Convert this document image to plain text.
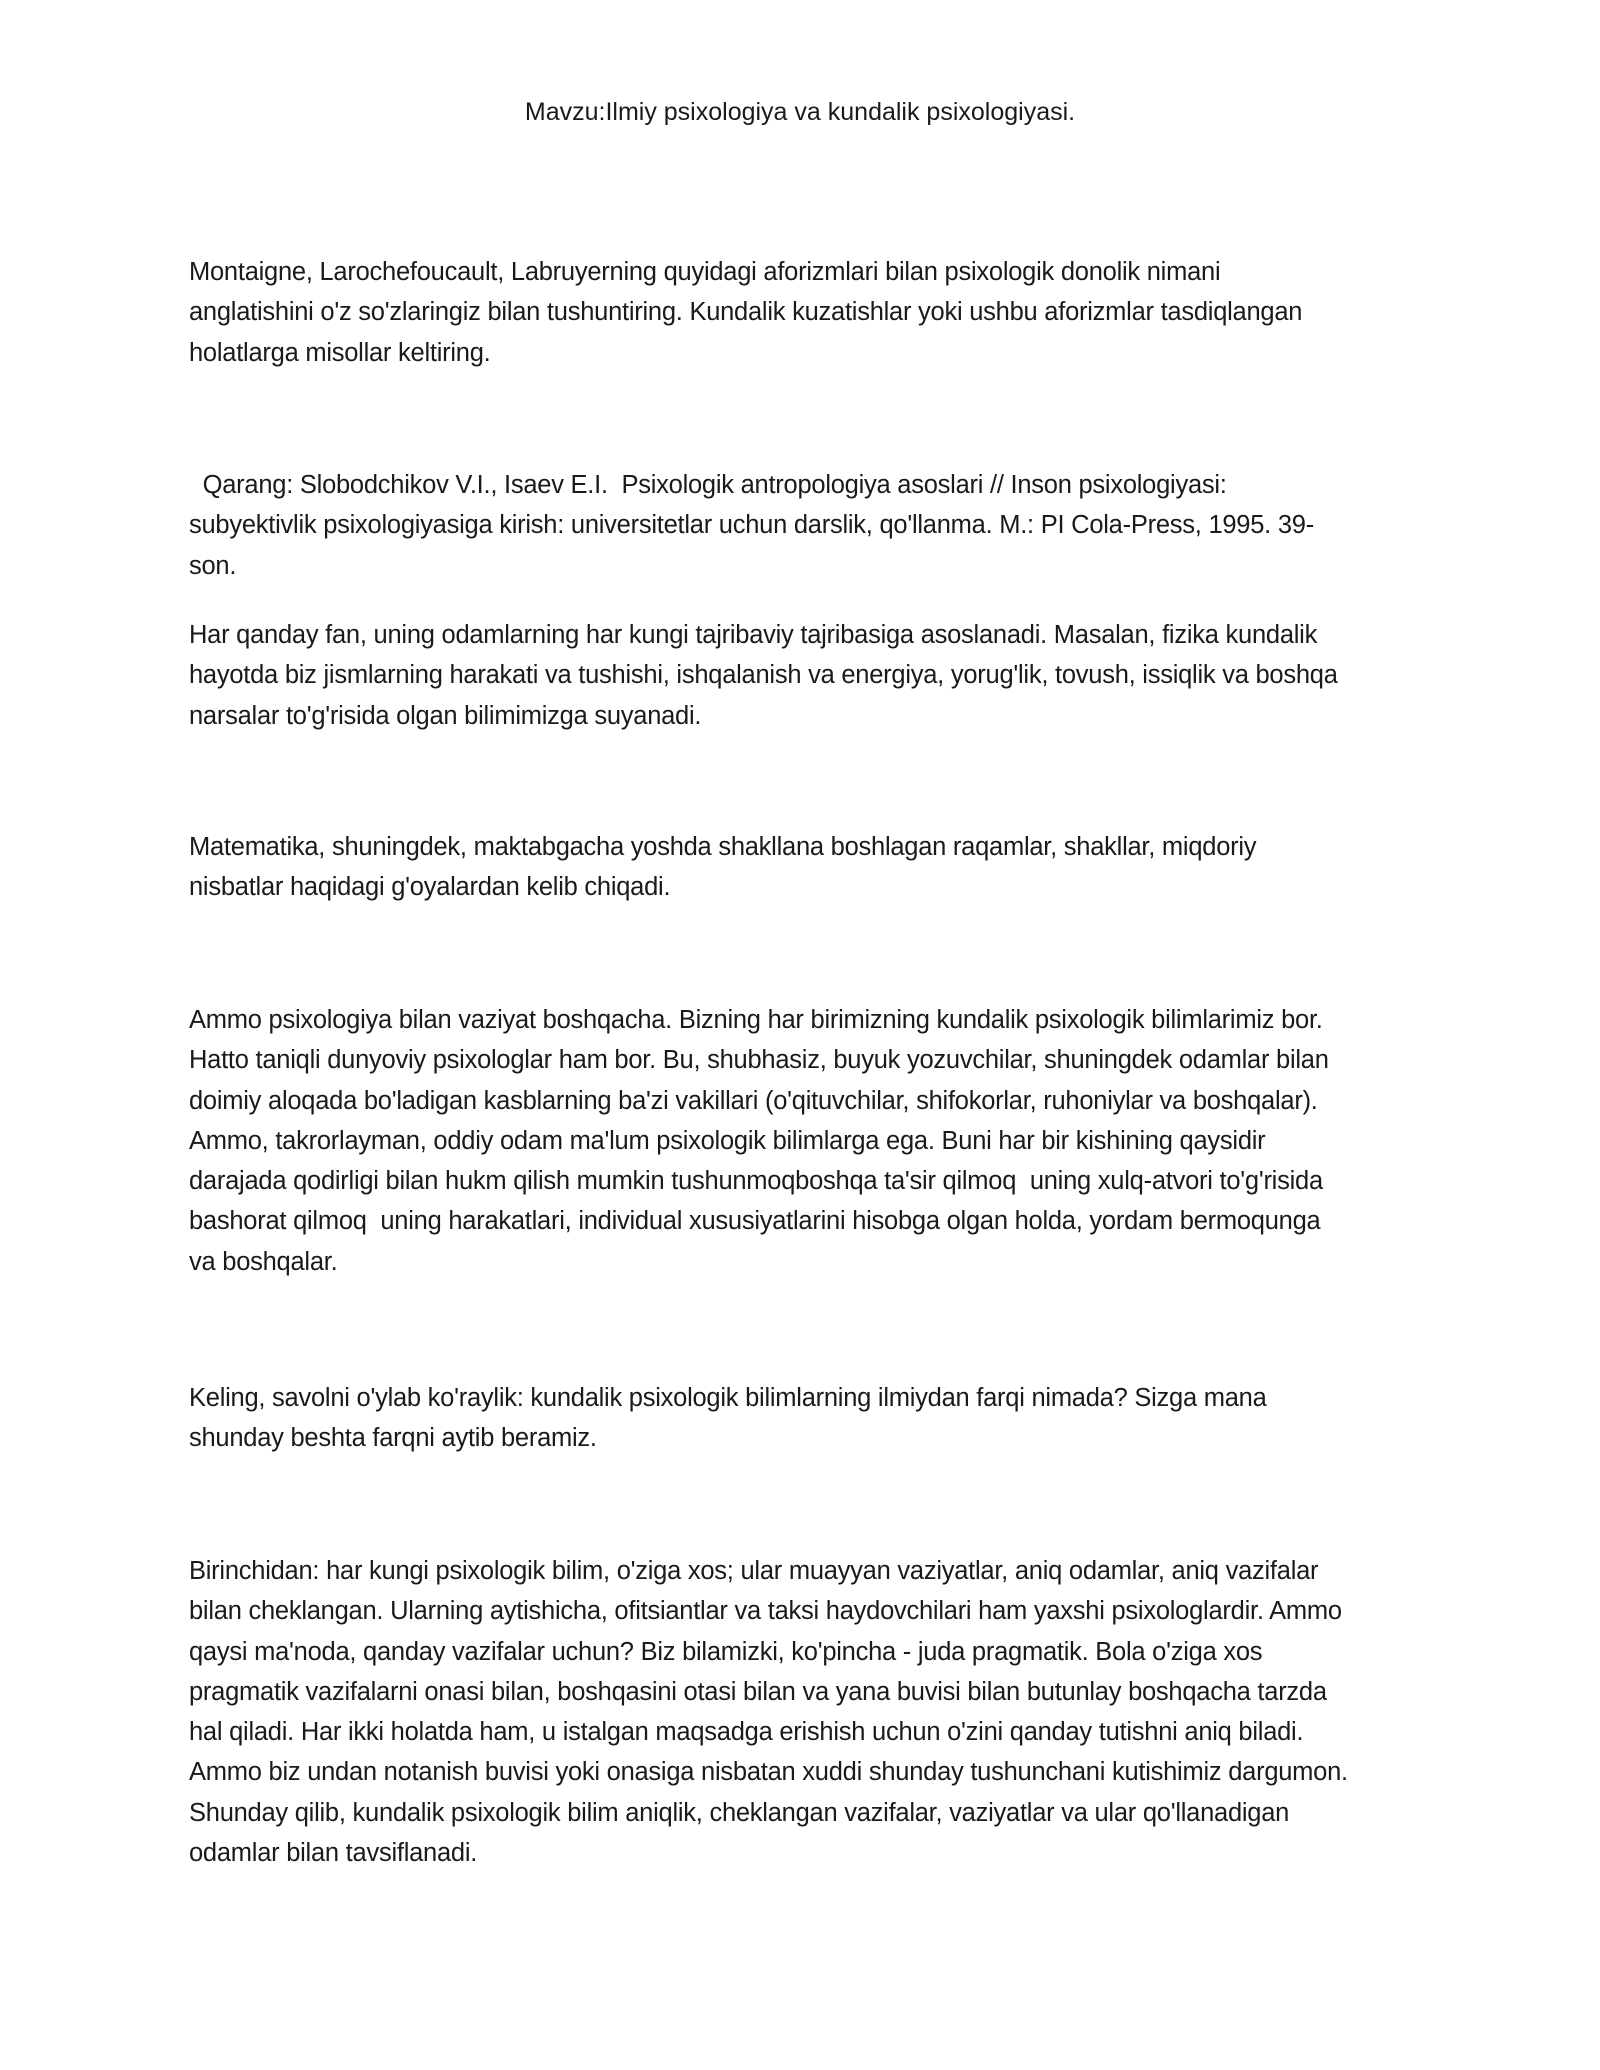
Mavzu:Ilmiy psixologiya va kundalik psixologiyasi.
Montaigne, Larochefoucault, Labruyerning quyidagi aforizmlari bilan psixologik donolik nimani
anglatishini o'z so'zlaringiz bilan tushuntiring. Kundalik kuzatishlar yoki ushbu aforizmlar tasdiqlangan
holatlarga misollar keltiring.
Qarang: Slobodchikov V.I., Isaev E.I.  Psixologik antropologiya asoslari // Inson psixologiyasi:
subyektivlik psixologiyasiga kirish: universitetlar uchun darslik, qo'llanma. M.: PI Cola-Press, 1995. 39-
son.
Har qanday fan, uning odamlarning har kungi tajribaviy tajribasiga asoslanadi. Masalan, fizika kundalik
hayotda biz jismlarning harakati va tushishi, ishqalanish va energiya, yorug'lik, tovush, issiqlik va boshqa
narsalar to'g'risida olgan bilimimizga suyanadi.
Matematika, shuningdek, maktabgacha yoshda shakllana boshlagan raqamlar, shakllar, miqdoriy
nisbatlar haqidagi g'oyalardan kelib chiqadi.
Ammo psixologiya bilan vaziyat boshqacha. Bizning har birimizning kundalik psixologik bilimlarimiz bor.
Hatto taniqli dunyoviy psixologlar ham bor. Bu, shubhasiz, buyuk yozuvchilar, shuningdek odamlar bilan
doimiy aloqada bo'ladigan kasblarning ba'zi vakillari (o'qituvchilar, shifokorlar, ruhoniylar va boshqalar).
Ammo, takrorlayman, oddiy odam ma'lum psixologik bilimlarga ega. Buni har bir kishining qaysidir
darajada qodirligi bilan hukm qilish mumkin tushunmoqboshqa ta'sir qilmoq  uning xulq-atvori to'g'risida
bashorat qilmoq  uning harakatlari, individual xususiyatlarini hisobga olgan holda, yordam bermoqunga
va boshqalar.
Keling, savolni o'ylab ko'raylik: kundalik psixologik bilimlarning ilmiydan farqi nimada? Sizga mana
shunday beshta farqni aytib beramiz.
Birinchidan: har kungi psixologik bilim, o'ziga xos; ular muayyan vaziyatlar, aniq odamlar, aniq vazifalar
bilan cheklangan. Ularning aytishicha, ofitsiantlar va taksi haydovchilari ham yaxshi psixologlardir. Ammo
qaysi ma'noda, qanday vazifalar uchun? Biz bilamizki, ko'pincha - juda pragmatik. Bola o'ziga xos
pragmatik vazifalarni onasi bilan, boshqasini otasi bilan va yana buvisi bilan butunlay boshqacha tarzda
hal qiladi. Har ikki holatda ham, u istalgan maqsadga erishish uchun o'zini qanday tutishni aniq biladi.
Ammo biz undan notanish buvisi yoki onasiga nisbatan xuddi shunday tushunchani kutishimiz dargumon.
Shunday qilib, kundalik psixologik bilim aniqlik, cheklangan vazifalar, vaziyatlar va ular qo'llanadigan
odamlar bilan tavsiflanadi.
